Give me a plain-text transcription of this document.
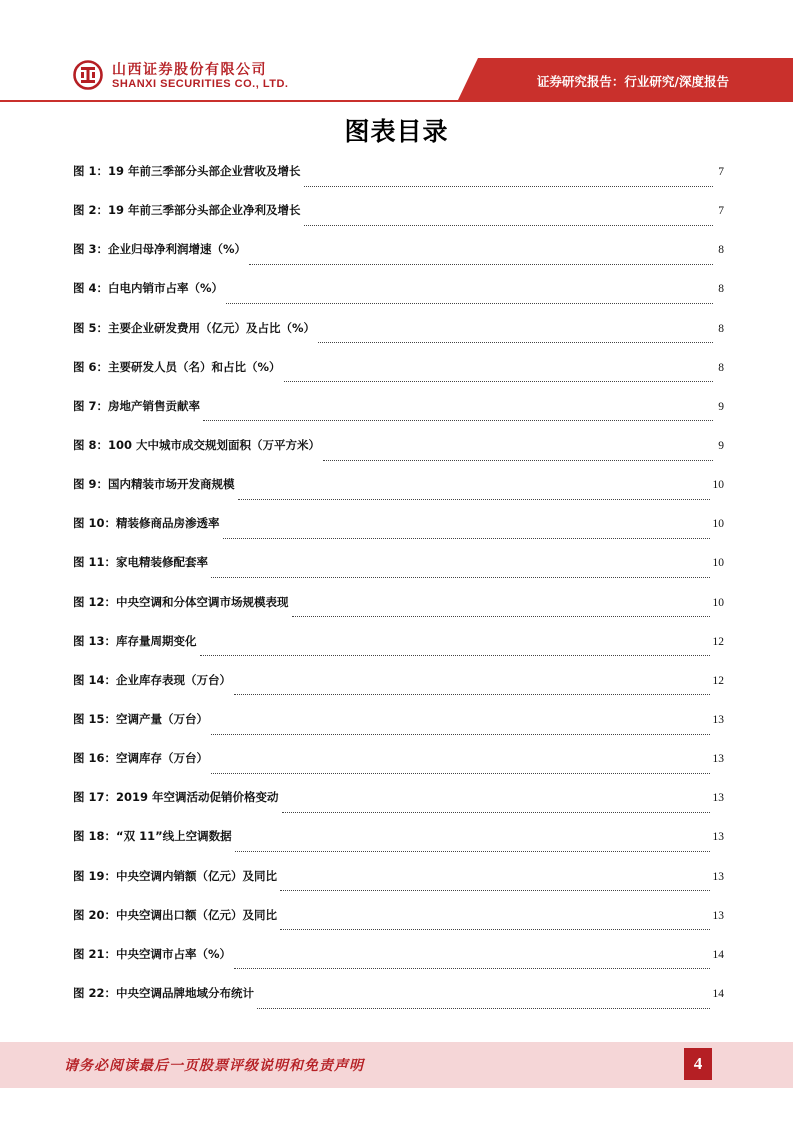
山西证券股份有限公司
SHANXI SECURITIES CO., LTD.	证券研究报告：行业研究/深度报告
图表目录
图 1：19 年前三季部分头部企业营收及增长	7
图 2：19 年前三季部分头部企业净利及增长	7
图 3：企业归母净利润增速（%）	8
图 4：白电内销市占率（%）	8
图 5：主要企业研发费用（亿元）及占比（%）	8
图 6：主要研发人员（名）和占比（%）	8
图 7：房地产销售贡献率	9
图 8：100 大中城市成交规划面积（万平方米）	9
图 9：国内精装市场开发商规模	10
图 10：精装修商品房渗透率	10
图 11：家电精装修配套率	10
图 12：中央空调和分体空调市场规模表现	10
图 13：库存量周期变化	12
图 14：企业库存表现（万台）	12
图 15：空调产量（万台）	13
图 16：空调库存（万台）	13
图 17：2019 年空调活动促销价格变动	13
图 18：“双 11”线上空调数据	13
图 19：中央空调内销额（亿元）及同比	13
图 20：中央空调出口额（亿元）及同比	13
图 21：中央空调市占率（%）	14
图 22：中央空调品牌地域分布统计	14
请务必阅读最后一页股票评级说明和免责声明	4
